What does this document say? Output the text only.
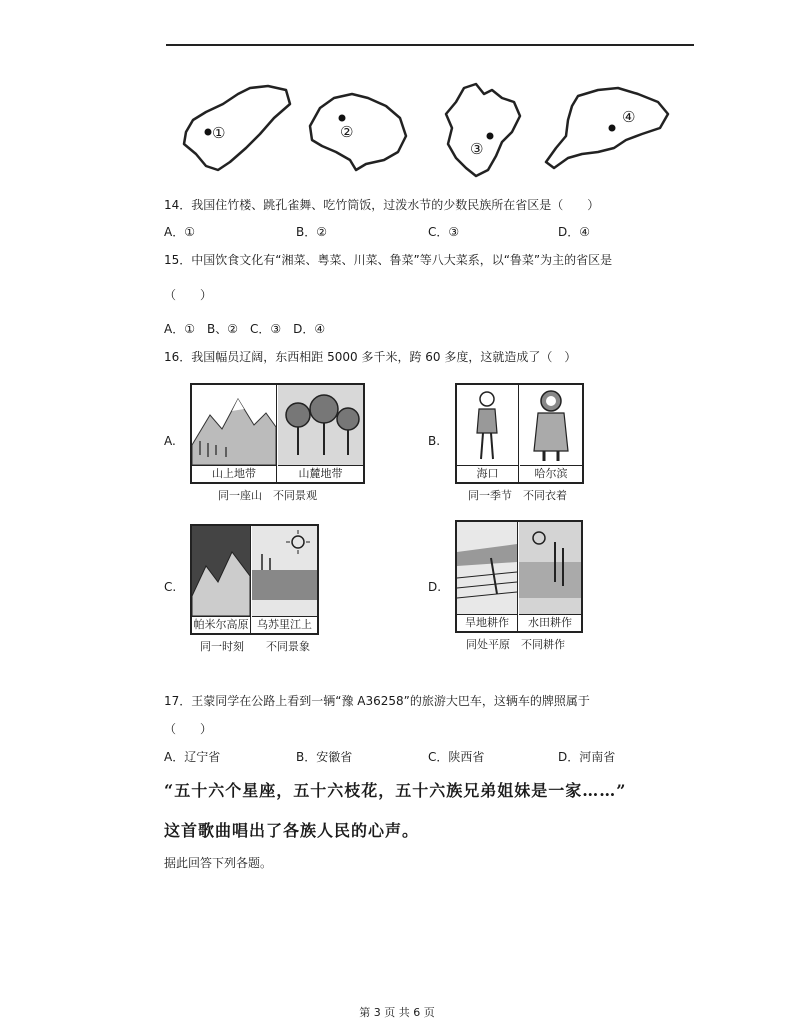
①	②
③
④
14．我国住竹楼、跳孔雀舞、吃竹筒饭，过泼水节的少数民族所在省区是（　　）
A．①	B．②	C．③	D．④
15．中国饮食文化有“湘菜、粤菜、川菜、鲁菜”等八大菜系，以“鲁菜”为主的省区是
（　　）
A．①　B、②　C．③　D．④
16．我国幅员辽阔，东西相距 5000 多千米，跨 60 多度，这就造成了（　）
A.
山上地带	山麓地带
同一座山　不同景观
B.
海口	哈尔滨
同一季节　不同衣着
C.
帕米尔高原 乌苏里江上
同一时刻　　不同景象
D.
旱地耕作	水田耕作
同处平原　不同耕作
17．王蒙同学在公路上看到一辆“豫 A36258”的旅游大巴车，这辆车的牌照属于
（　　）
A．辽宁省	B．安徽省	C．陕西省	D．河南省
“五十六个星座，五十六枝花，五十六族兄弟姐妹是一家……”
这首歌曲唱出了各族人民的心声。
据此回答下列各题。
第 3 页 共 6 页
